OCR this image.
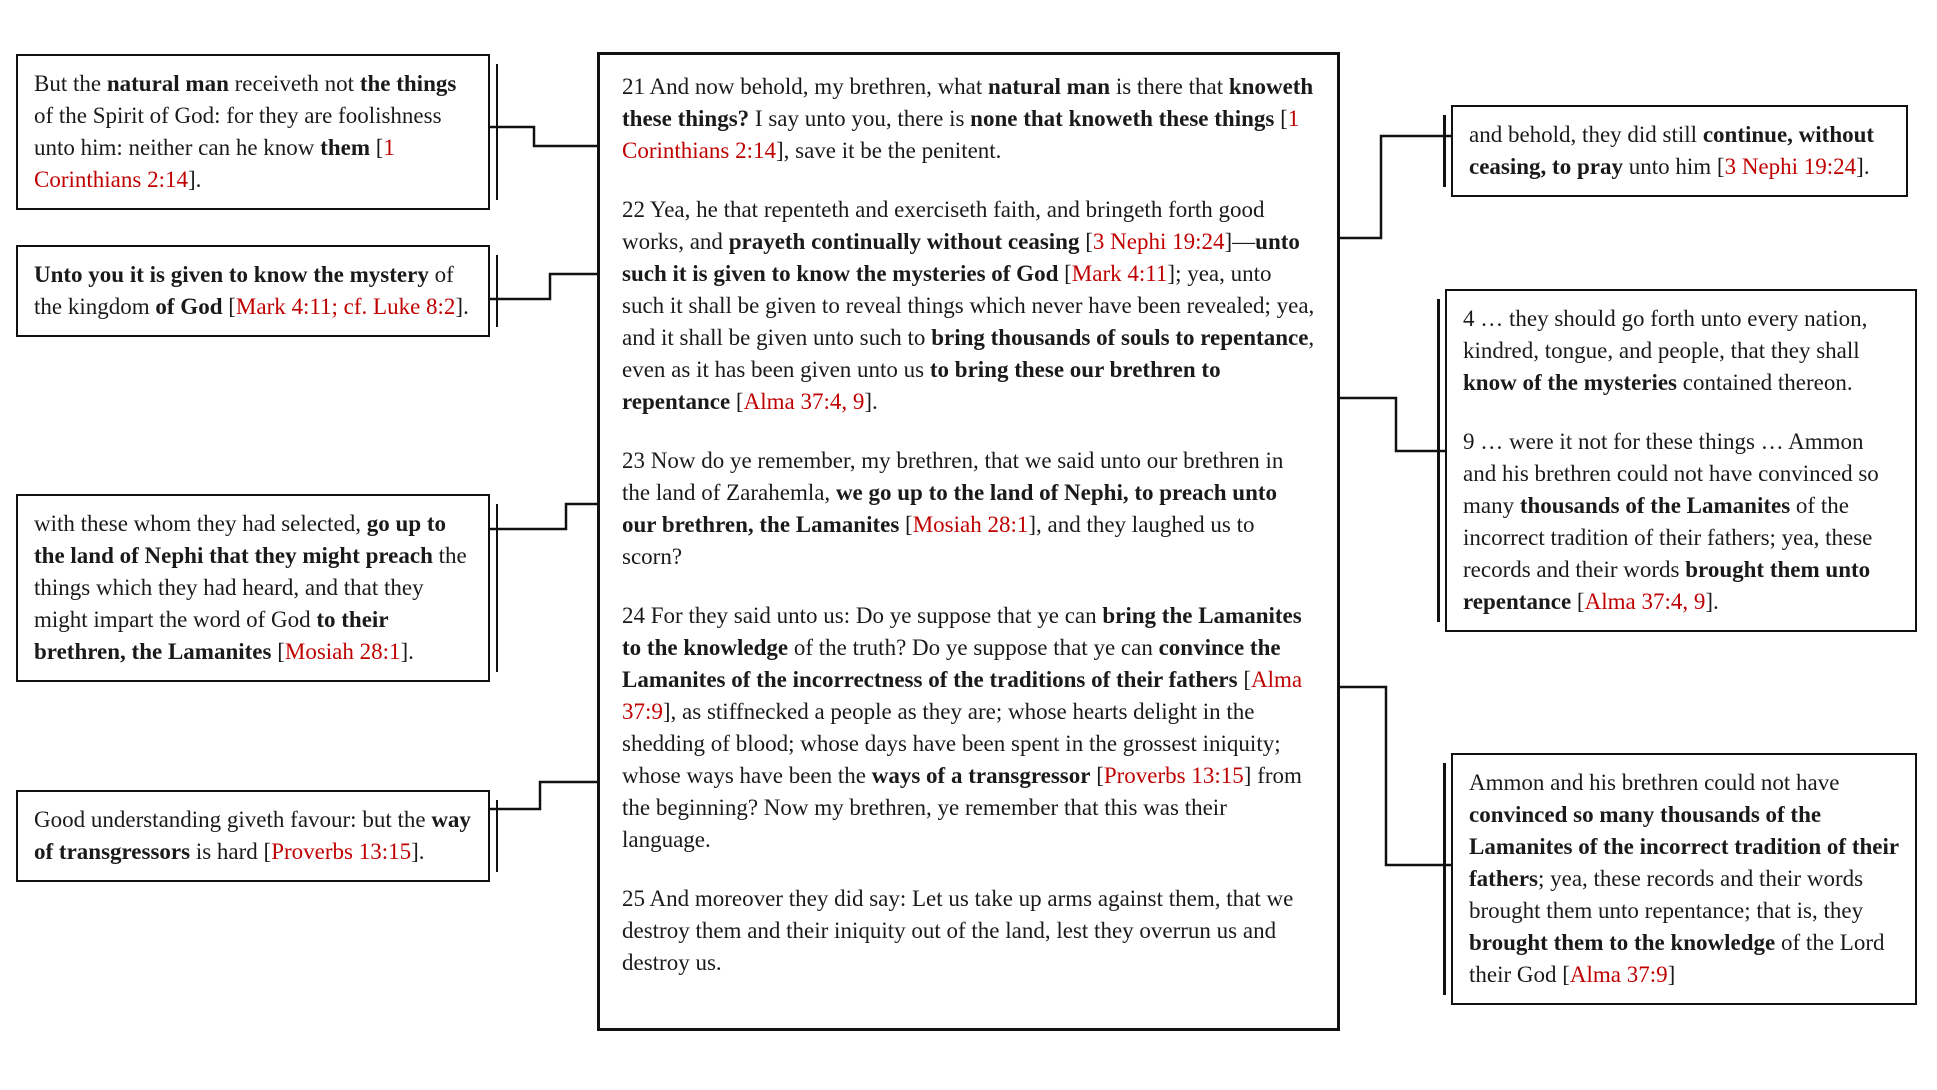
21 And now behold, my brethren, what natural man is there that knoweth these things? I say unto you, there is none that knoweth these things [1 Corinthians 2:14], save it be the penitent.

22 Yea, he that repenteth and exerciseth faith, and bringeth forth good works, and prayeth continually without ceasing [3 Nephi 19:24]—unto such it is given to know the mysteries of God [Mark 4:11]; yea, unto such it shall be given to reveal things which never have been revealed; yea, and it shall be given unto such to bring thousands of souls to repentance, even as it has been given unto us to bring these our brethren to repentance [Alma 37:4, 9].

23 Now do ye remember, my brethren, that we said unto our brethren in the land of Zarahemla, we go up to the land of Nephi, to preach unto our brethren, the Lamanites [Mosiah 28:1], and they laughed us to scorn?

24 For they said unto us: Do ye suppose that ye can bring the Lamanites to the knowledge of the truth? Do ye suppose that ye can convince the Lamanites of the incorrectness of the traditions of their fathers [Alma 37:9], as stiffnecked a people as they are; whose hearts delight in the shedding of blood; whose days have been spent in the grossest iniquity; whose ways have been the ways of a transgressor [Proverbs 13:15] from the beginning? Now my brethren, ye remember that this was their language.

25 And moreover they did say: Let us take up arms against them, that we destroy them and their iniquity out of the land, lest they overrun us and destroy us.

But the natural man receiveth not the things of the Spirit of God: for they are foolishness unto him: neither can he know them [1 Corinthians 2:14].

Unto you it is given to know the mystery of the kingdom of God [Mark 4:11; cf. Luke 8:2].

with these whom they had selected, go up to the land of Nephi that they might preach the things which they had heard, and that they might impart the word of God to their brethren, the Lamanites [Mosiah 28:1].

Good understanding giveth favour: but the way of transgressors is hard [Proverbs 13:15].

and behold, they did still continue, without ceasing, to pray unto him [3 Nephi 19:24].

4 … they should go forth unto every nation, kindred, tongue, and people, that they shall know of the mysteries contained thereon.

9 … were it not for these things … Ammon and his brethren could not have convinced so many thousands of the Lamanites of the incorrect tradition of their fathers; yea, these records and their words brought them unto repentance [Alma 37:4, 9].

Ammon and his brethren could not have convinced so many thousands of the Lamanites of the incorrect tradition of their fathers; yea, these records and their words brought them unto repentance; that is, they brought them to the knowledge of the Lord their God [Alma 37:9]
